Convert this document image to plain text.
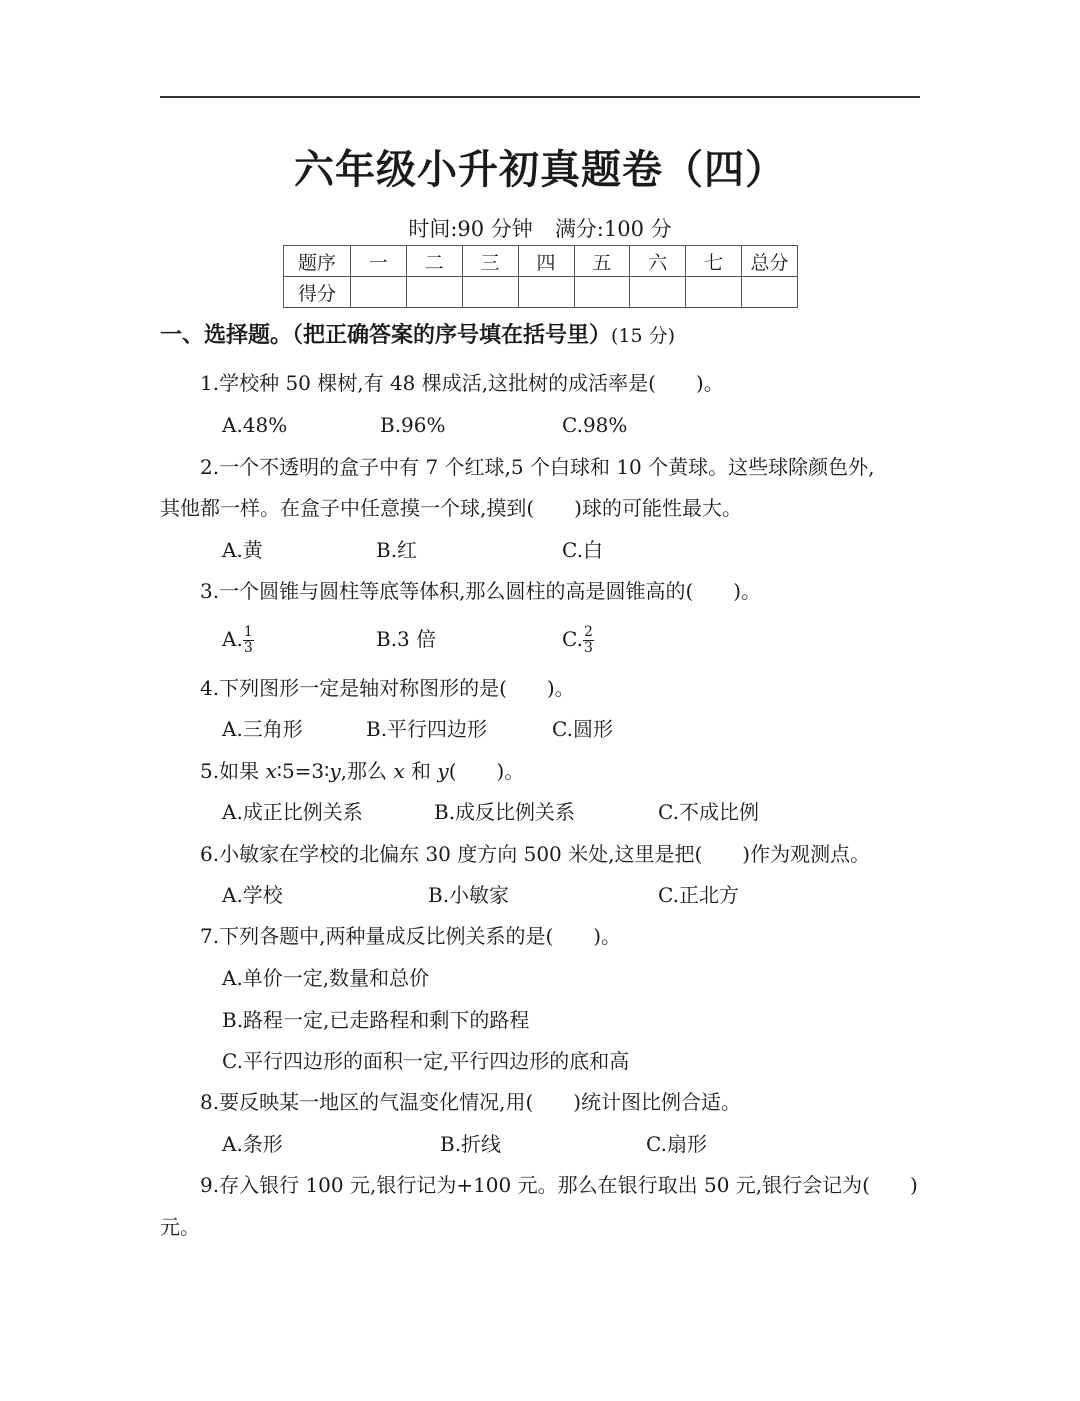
六年级小升初真题卷（四）
时间:90 分钟 满分:100 分
题序	一	二	三	四	五	六	七	总分
得分								
一、选择题。（把正确答案的序号填在括号里）(15 分)
1.学校种 50 棵树,有 48 棵成活,这批树的成活率是(　　)。
A.48%	B.96%	C.98%
2.一个不透明的盒子中有 7 个红球,5 个白球和 10 个黄球。这些球除颜色外,
其他都一样。在盒子中任意摸一个球,摸到(　　)球的可能性最大。
A.黄	B.红	C.白
3.一个圆锥与圆柱等底等体积,那么圆柱的高是圆锥高的(　　)。
A. $\frac{1}{3}$	B.3 倍	C. $\frac{2}{3}$
4.下列图形一定是轴对称图形的是(　　)。
A.三角形	B.平行四边形	C.圆形
5.如果 x∶5=3∶y,那么 x 和 y(　　)。
A.成正比例关系	B.成反比例关系	C.不成比例
6.小敏家在学校的北偏东 30 度方向 500 米处,这里是把(　　)作为观测点。
A.学校	B.小敏家	C.正北方
7.下列各题中,两种量成反比例关系的是(　　)。
A.单价一定,数量和总价
B.路程一定,已走路程和剩下的路程
C.平行四边形的面积一定,平行四边形的底和高
8.要反映某一地区的气温变化情况,用(　　)统计图比例合适。
A.条形	B.折线	C.扇形
9.存入银行 100 元,银行记为+100 元。那么在银行取出 50 元,银行会记为(　　)
元。
